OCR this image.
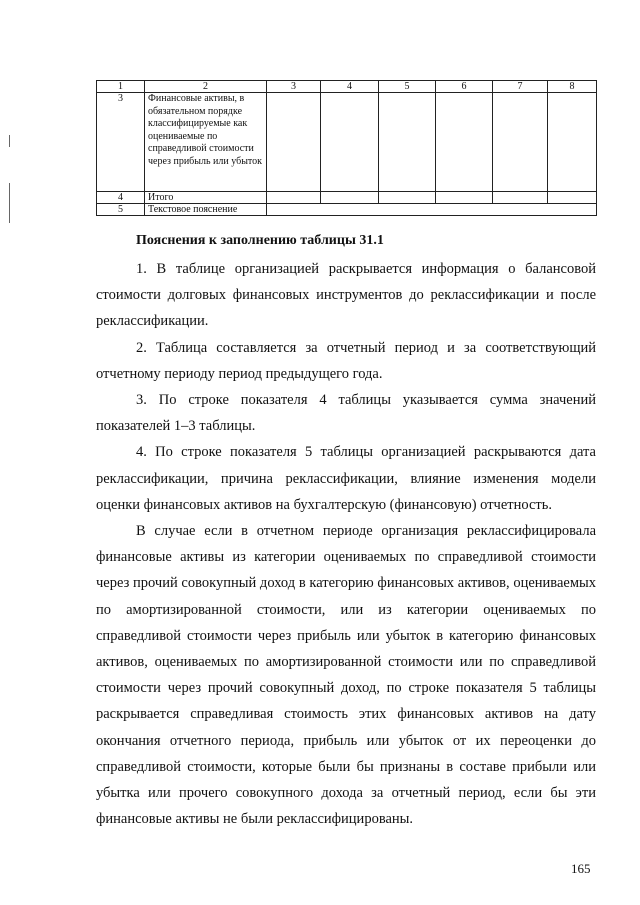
1	2	3	4	5	6	7	8
3	Финансовые активы, в обязательном порядке классифицируемые как оцениваемые по справедливой стоимости через прибыль или убыток						
4	Итого						
5	Текстовое пояснение						
Пояснения к заполнению таблицы 31.1

1. В таблице организацией раскрывается информация о балансовой стоимости долговых финансовых инструментов до реклассификации и после реклассификации.

2. Таблица составляется за отчетный период и за соответствующий отчетному периоду период предыдущего года.

3. По строке показателя 4 таблицы указывается сумма значений показателей 1–3 таблицы.

4. По строке показателя 5 таблицы организацией раскрываются дата реклассификации, причина реклассификации, влияние изменения модели оценки финансовых активов на бухгалтерскую (финансовую) отчетность.

В случае если в отчетном периоде организация реклассифицировала финансовые активы из категории оцениваемых по справедливой стоимости через прочий совокупный доход в категорию финансовых активов, оцениваемых по амортизированной стоимости, или из категории оцениваемых по справедливой стоимости через прибыль или убыток в категорию финансовых активов, оцениваемых по амортизированной стоимости или по справедливой стоимости через прочий совокупный доход, по строке показателя 5 таблицы раскрывается справедливая стоимость этих финансовых активов на дату окончания отчетного периода, прибыль или убыток от их переоценки до справедливой стоимости, которые были бы признаны в составе прибыли или убытка или прочего совокупного дохода за отчетный период, если бы эти финансовые активы не были реклассифицированы.

165
